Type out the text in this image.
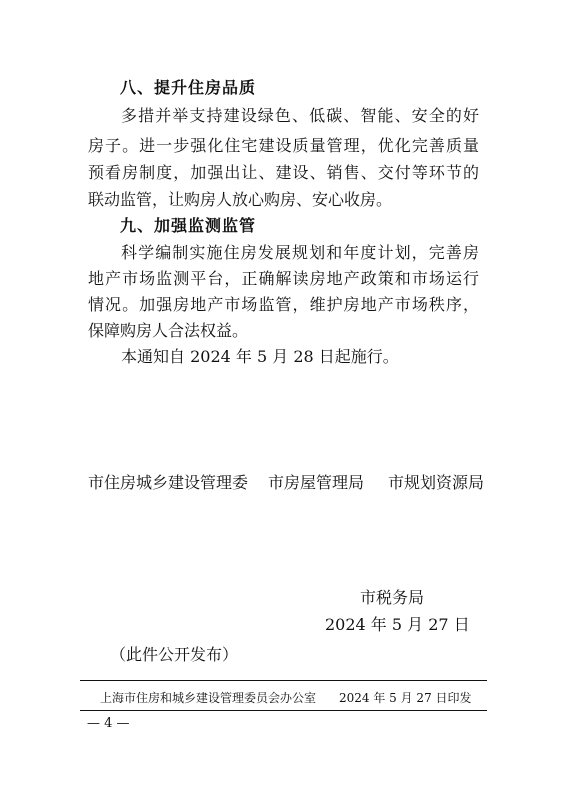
八、提升住房品质
多措并举支持建设绿色、低碳、智能、安全的好
房子。进一步强化住宅建设质量管理，优化完善质量
预看房制度，加强出让、建设、销售、交付等环节的
联动监管，让购房人放心购房、安心收房。
九、加强监测监管
科学编制实施住房发展规划和年度计划，完善房
地产市场监测平台，正确解读房地产政策和市场运行
情况。加强房地产市场监管，维护房地产市场秩序，
保障购房人合法权益。
本通知自 2024 年 5 月 28 日起施行。
市住房城乡建设管理委 市房屋管理局 市规划资源局
市税务局
2024 年 5 月 27 日
（此件公开发布）
上海市住房和城乡建设管理委员会办公室 2024 年 5 月 27 日印发
— 4 —
